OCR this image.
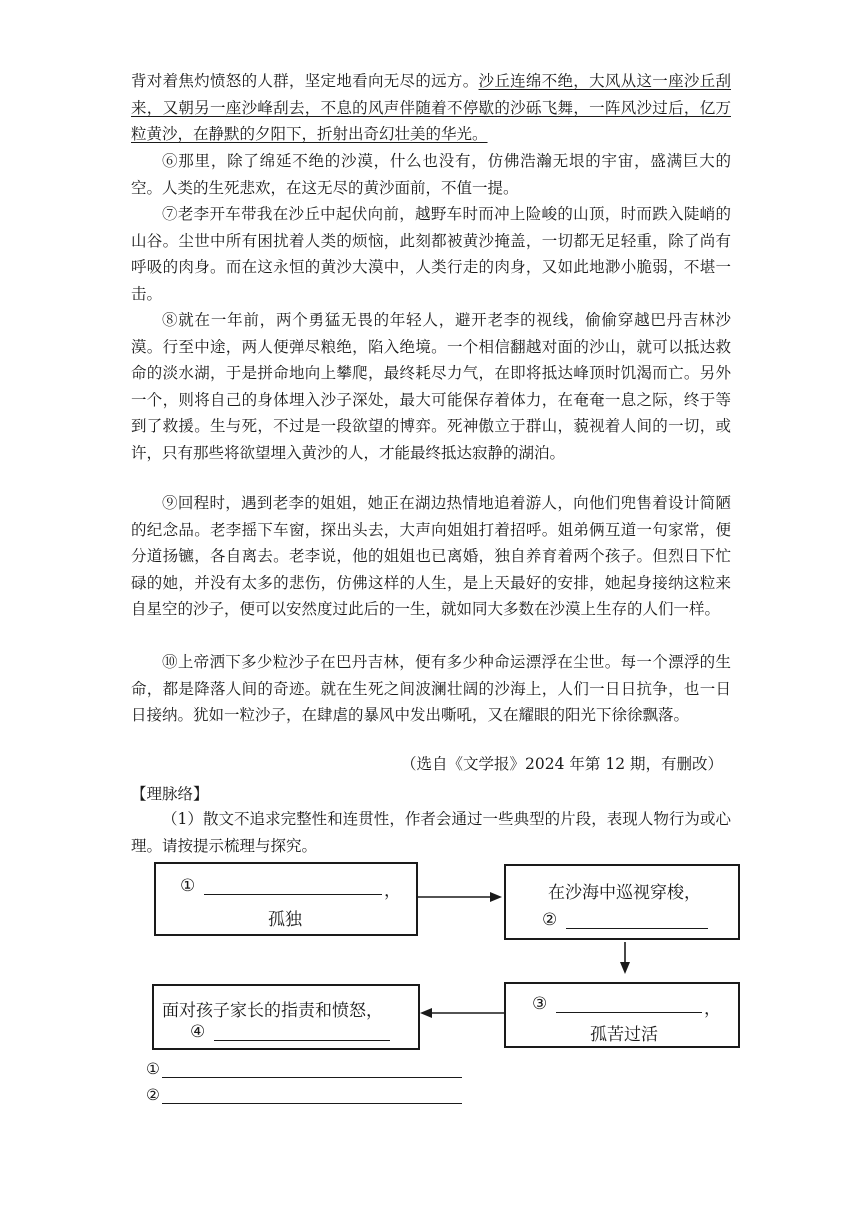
背对着焦灼愤怒的人群，坚定地看向无尽的远方。沙丘连绵不绝，大风从这一座沙丘刮来，又朝另一座沙峰刮去，不息的风声伴随着不停歇的沙砾飞舞，一阵风沙过后，亿万粒黄沙，在静默的夕阳下，折射出奇幻壮美的华光。

⑥那里，除了绵延不绝的沙漠，什么也没有，仿佛浩瀚无垠的宇宙，盛满巨大的空。人类的生死悲欢，在这无尽的黄沙面前，不值一提。

⑦老李开车带我在沙丘中起伏向前，越野车时而冲上险峻的山顶，时而跌入陡峭的山谷。尘世中所有困扰着人类的烦恼，此刻都被黄沙掩盖，一切都无足轻重，除了尚有呼吸的肉身。而在这永恒的黄沙大漠中，人类行走的肉身，又如此地渺小脆弱，不堪一击。

⑧就在一年前，两个勇猛无畏的年轻人，避开老李的视线，偷偷穿越巴丹吉林沙漠。行至中途，两人便弹尽粮绝，陷入绝境。一个相信翻越对面的沙山，就可以抵达救命的淡水湖，于是拼命地向上攀爬，最终耗尽力气，在即将抵达峰顶时饥渴而亡。另外一个，则将自己的身体埋入沙子深处，最大可能保存着体力，在奄奄一息之际，终于等到了救援。生与死，不过是一段欲望的博弈。死神傲立于群山，藐视着人间的一切，或许，只有那些将欲望埋入黄沙的人，才能最终抵达寂静的湖泊。

⑨回程时，遇到老李的姐姐，她正在湖边热情地追着游人，向他们兜售着设计简陋的纪念品。老李摇下车窗，探出头去，大声向姐姐打着招呼。姐弟俩互道一句家常，便分道扬镳，各自离去。老李说，他的姐姐也已离婚，独自养育着两个孩子。但烈日下忙碌的她，并没有太多的悲伤，仿佛这样的人生，是上天最好的安排，她起身接纳这粒来自星空的沙子，便可以安然度过此后的一生，就如同大多数在沙漠上生存的人们一样。

⑩上帝洒下多少粒沙子在巴丹吉林，便有多少种命运漂浮在尘世。每一个漂浮的生命，都是降落人间的奇迹。就在生死之间波澜壮阔的沙海上，人们一日日抗争，也一日日接纳。犹如一粒沙子，在肆虐的暴风中发出嘶吼，又在耀眼的阳光下徐徐飘落。

（选自《文学报》2024 年第 12 期，有删改）
【理脉络】

（1）散文不追求完整性和连贯性，作者会通过一些典型的片段，表现人物行为或心理。请按提示梳理与探究。

①	，
孤独
在沙海中巡视穿梭，
②
③	，
孤苦过活
面对孩子家长的指责和愤怒，
④
①
②
